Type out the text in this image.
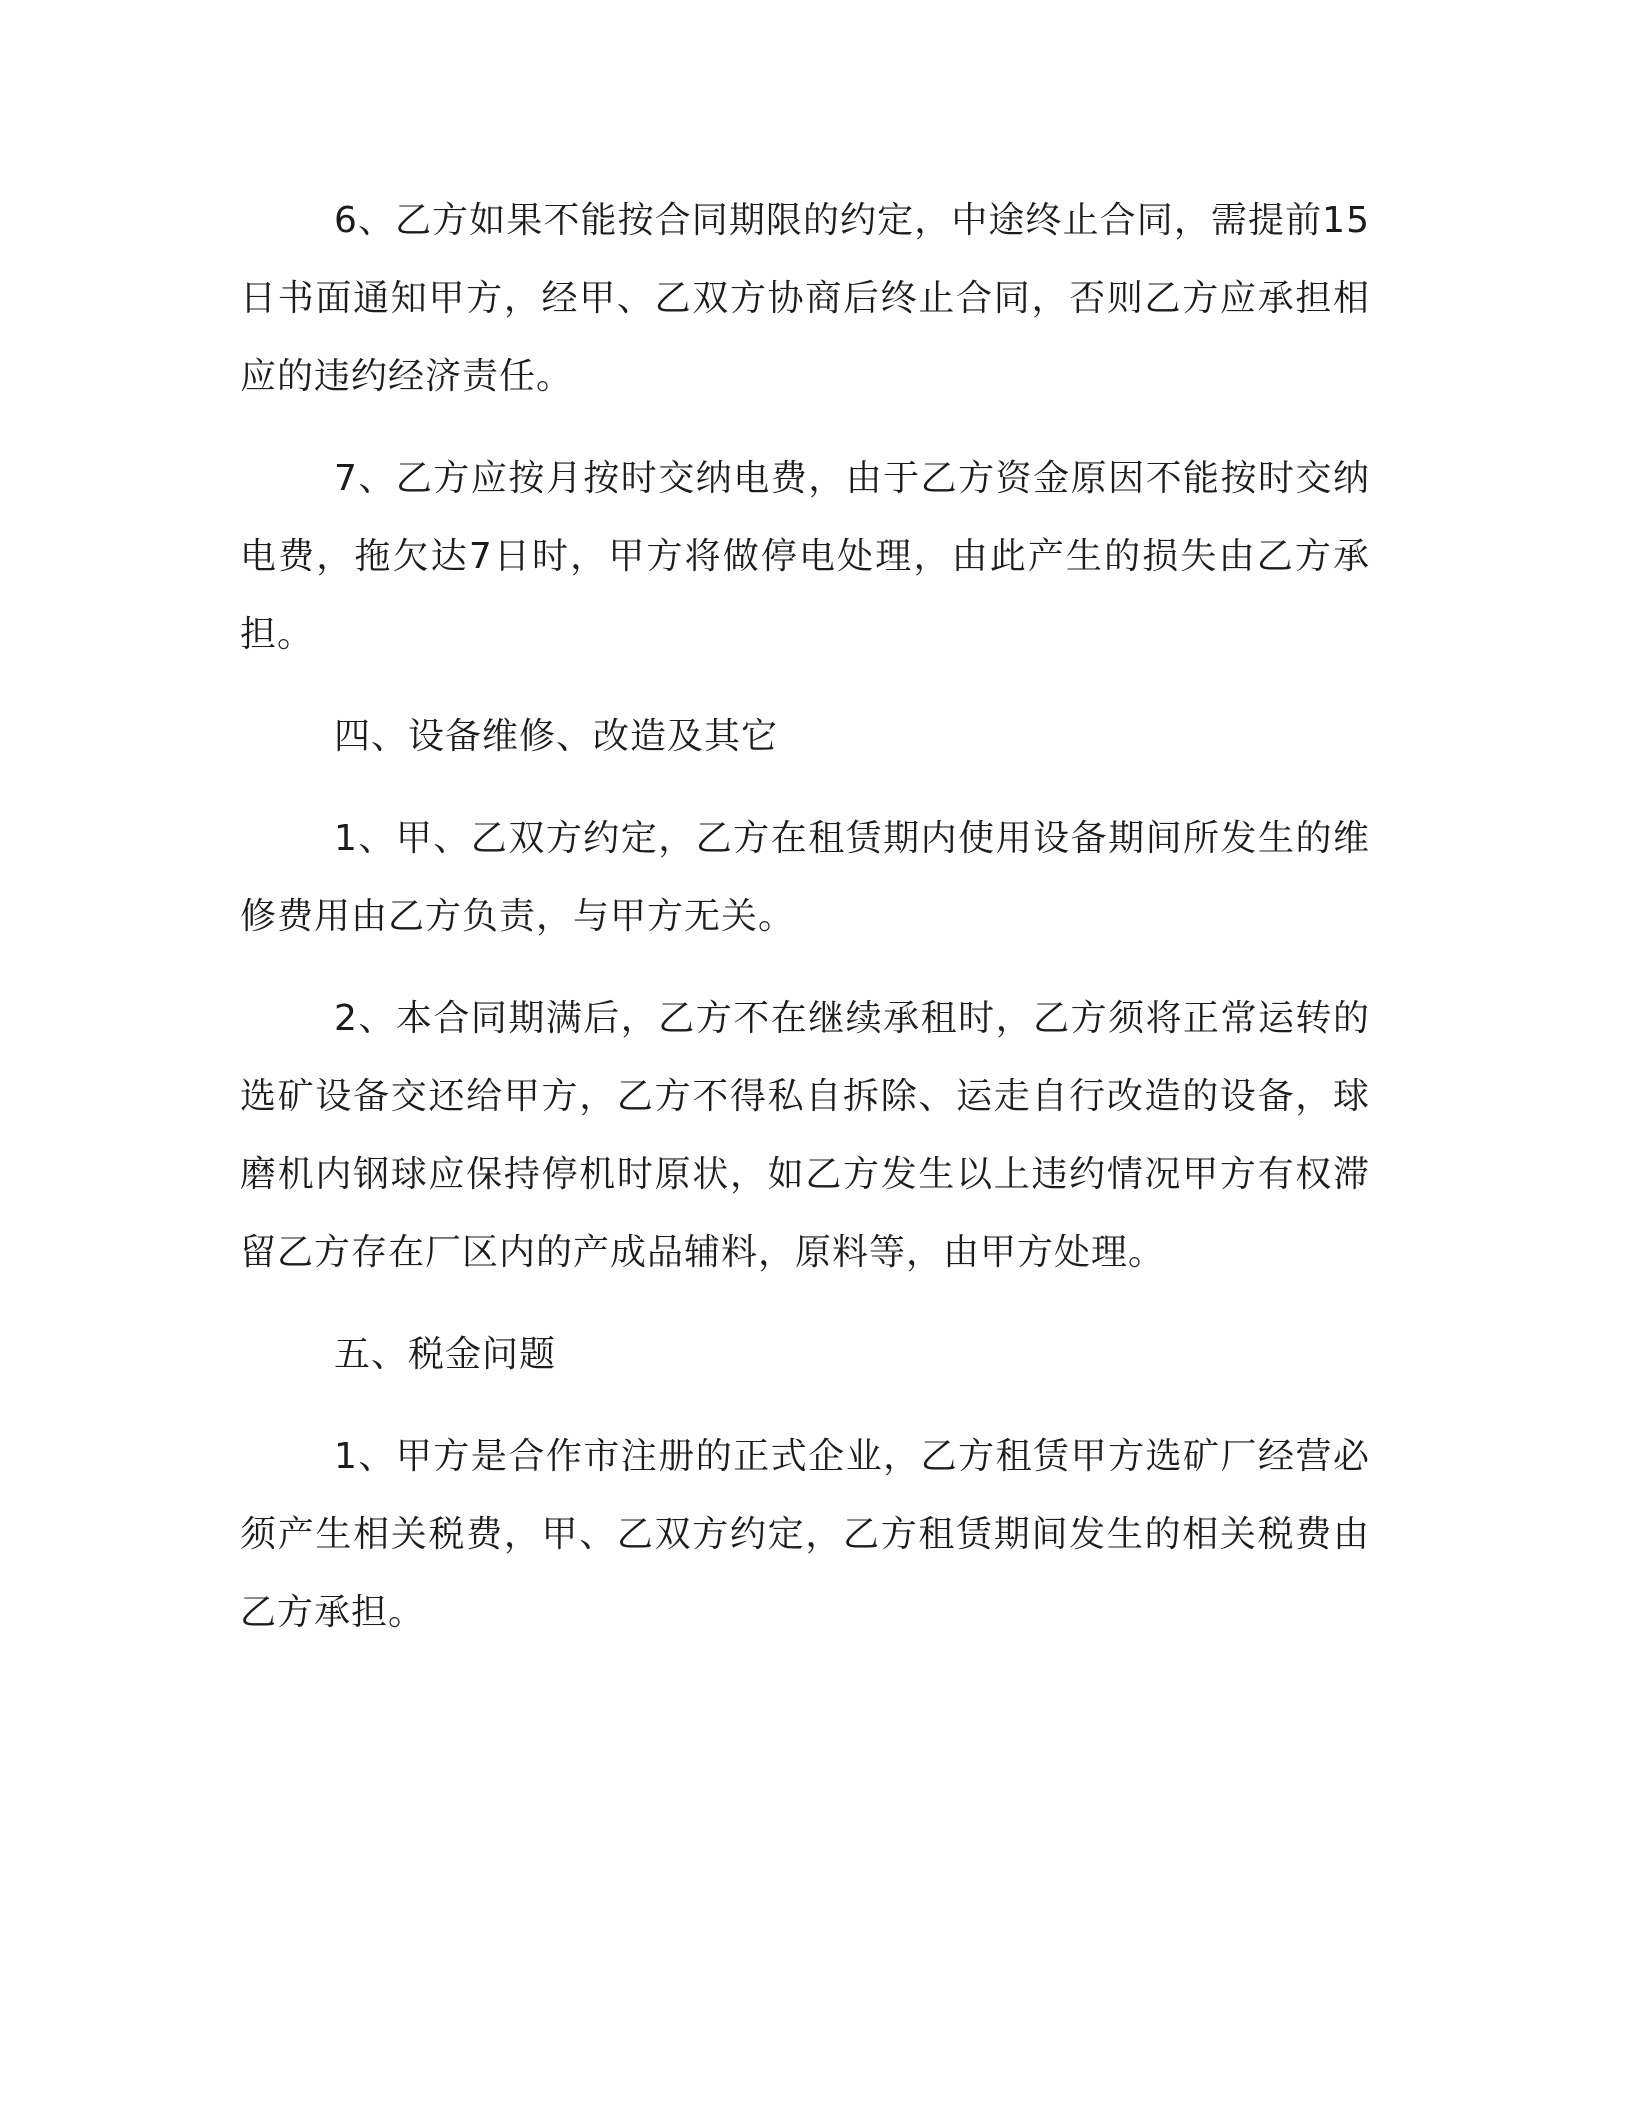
6、乙方如果不能按合同期限的约定，中途终止合同，需提前15日书面通知甲方，经甲、乙双方协商后终止合同，否则乙方应承担相应的违约经济责任。

7、乙方应按月按时交纳电费，由于乙方资金原因不能按时交纳电费，拖欠达7日时，甲方将做停电处理，由此产生的损失由乙方承担。

四、设备维修、改造及其它

1、甲、乙双方约定，乙方在租赁期内使用设备期间所发生的维修费用由乙方负责，与甲方无关。

2、本合同期满后，乙方不在继续承租时，乙方须将正常运转的选矿设备交还给甲方，乙方不得私自拆除、运走自行改造的设备，球磨机内钢球应保持停机时原状，如乙方发生以上违约情况甲方有权滞留乙方存在厂区内的产成品辅料，原料等，由甲方处理。

五、税金问题

1、甲方是合作市注册的正式企业，乙方租赁甲方选矿厂经营必须产生相关税费，甲、乙双方约定，乙方租赁期间发生的相关税费由乙方承担。
